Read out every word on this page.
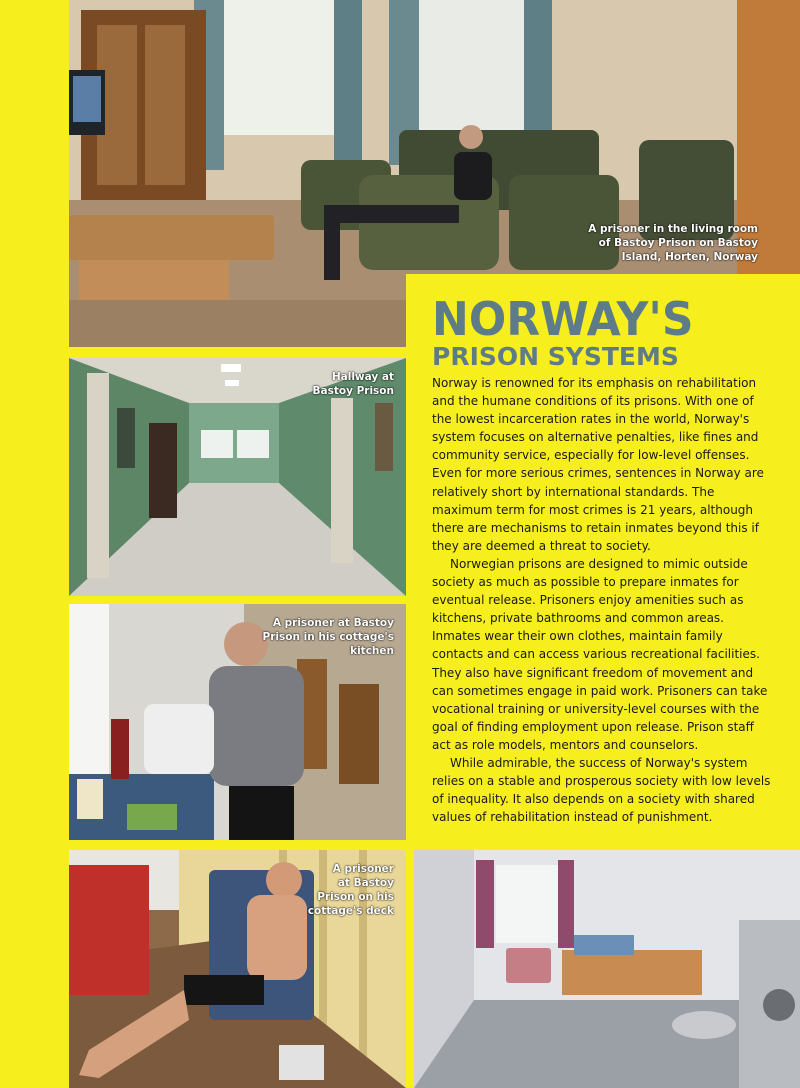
A prisoner in the living room
of Bastoy Prison on Bastoy
Island, Horten, Norway
Hallway at
Bastoy Prison
A prisoner at Bastoy
Prison in his cottage's
kitchen
A prisoner
at Bastoy
Prison on his
cottage's deck
NORWAY'S
PRISON SYSTEMS

Norway is renowned for its emphasis on rehabilitation and the humane conditions of its prisons. With one of the lowest incarceration rates in the world, Norway's system focuses on alternative penalties, like fines and community service, especially for low-level offenses. Even for more serious crimes, sentences in Norway are relatively short by international standards. The maximum term for most crimes is 21 years, although there are mechanisms to retain inmates beyond this if they are deemed a threat to society.

Norwegian prisons are designed to mimic outside society as much as possible to prepare inmates for eventual release. Prisoners enjoy amenities such as kitchens, private bathrooms and common areas. Inmates wear their own clothes, maintain family contacts and can access various recreational facilities. They also have significant freedom of movement and can sometimes engage in paid work. Prisoners can take vocational training or university-level courses with the goal of finding employment upon release. Prison staff act as role models, mentors and counselors.

While admirable, the success of Norway's system relies on a stable and prosperous society with low levels of inequality. It also depends on a society with shared values of rehabilitation instead of punishment.
